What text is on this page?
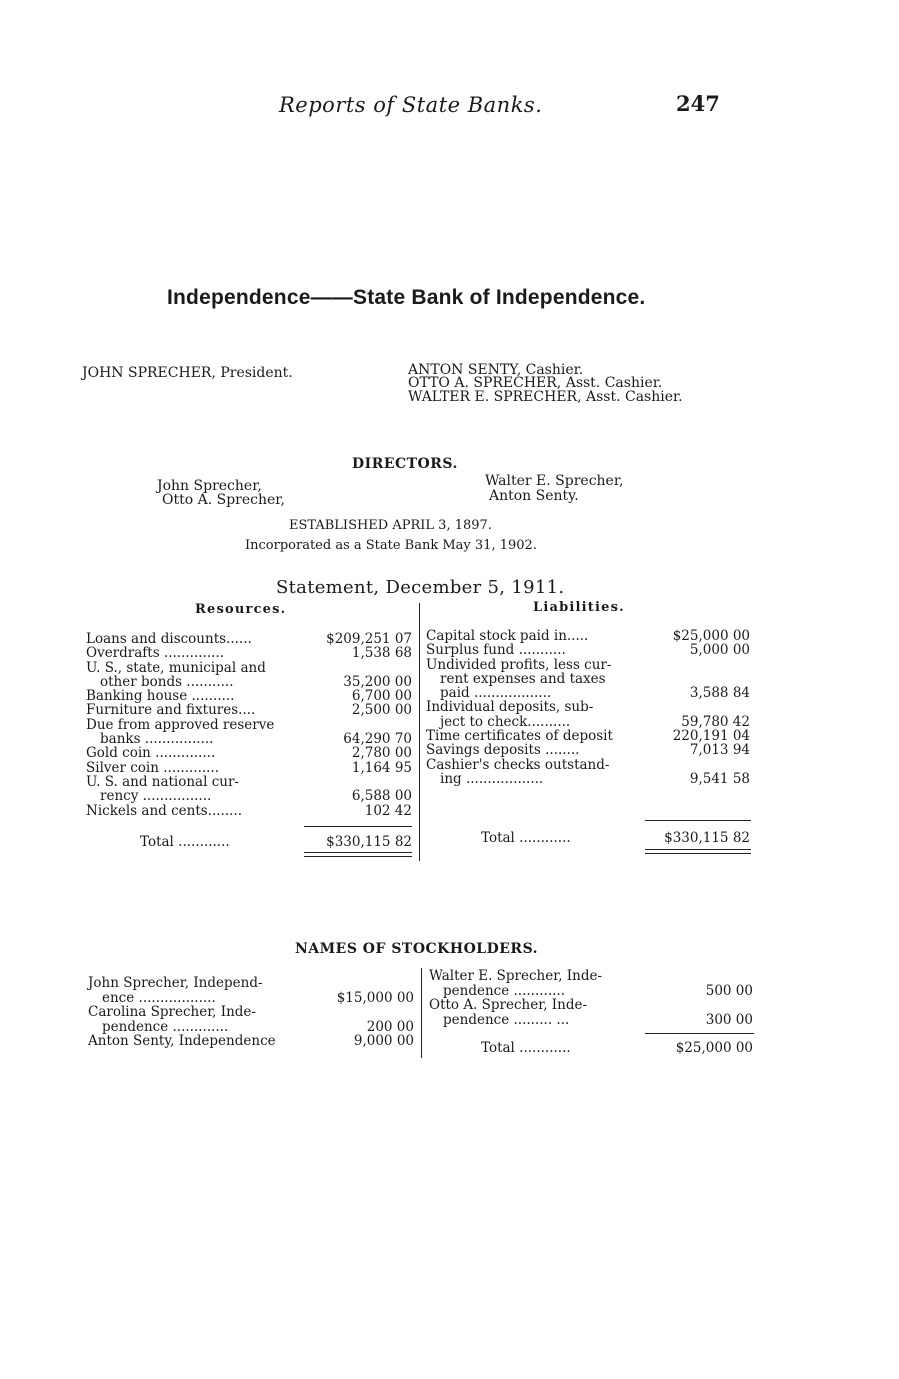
Reports of State Banks.	247
Independence——State Bank of Independence.
JOHN SPRECHER, President.	ANTON SENTY, Cashier.
OTTO A. SPRECHER, Asst. Cashier.
WALTER E. SPRECHER, Asst. Cashier.
DIRECTORS.
John Sprecher,
Otto A. Sprecher,
Walter E. Sprecher,
Anton Senty.
ESTABLISHED APRIL 3, 1897.
Incorporated as a State Bank May 31, 1902.
Statement, December 5, 1911.
Resources.	Liabilities.
Loans and discounts......	$209,251 07
Overdrafts ..............	1,538 68
U. S., state, municipal and
other bonds ...........	35,200 00
Banking house ..........	6,700 00
Furniture and fixtures....	2,500 00
Due from approved reserve
banks ................	64,290 70
Gold coin ..............	2,780 00
Silver coin .............	1,164 95
U. S. and national cur-
rency ................	6,588 00
Nickels and cents........	102 42
Total ............	$330,115 82
Capital stock paid in.....	$25,000 00
Surplus fund ...........	5,000 00
Undivided profits, less cur-
rent expenses and taxes
paid ..................	3,588 84
Individual deposits, sub-
ject to check..........	59,780 42
Time certificates of deposit	220,191 04
Savings deposits ........	7,013 94
Cashier's checks outstand-
ing ..................	9,541 58
Total ............	$330,115 82
NAMES OF STOCKHOLDERS.
John Sprecher, Independ-
ence ..................	$15,000 00
Carolina Sprecher, Inde-
pendence .............	200 00
Anton Senty, Independence	9,000 00
Walter E. Sprecher, Inde-
pendence ............	500 00
Otto A. Sprecher, Inde-
pendence ......... ...	300 00
Total ............	$25,000 00
